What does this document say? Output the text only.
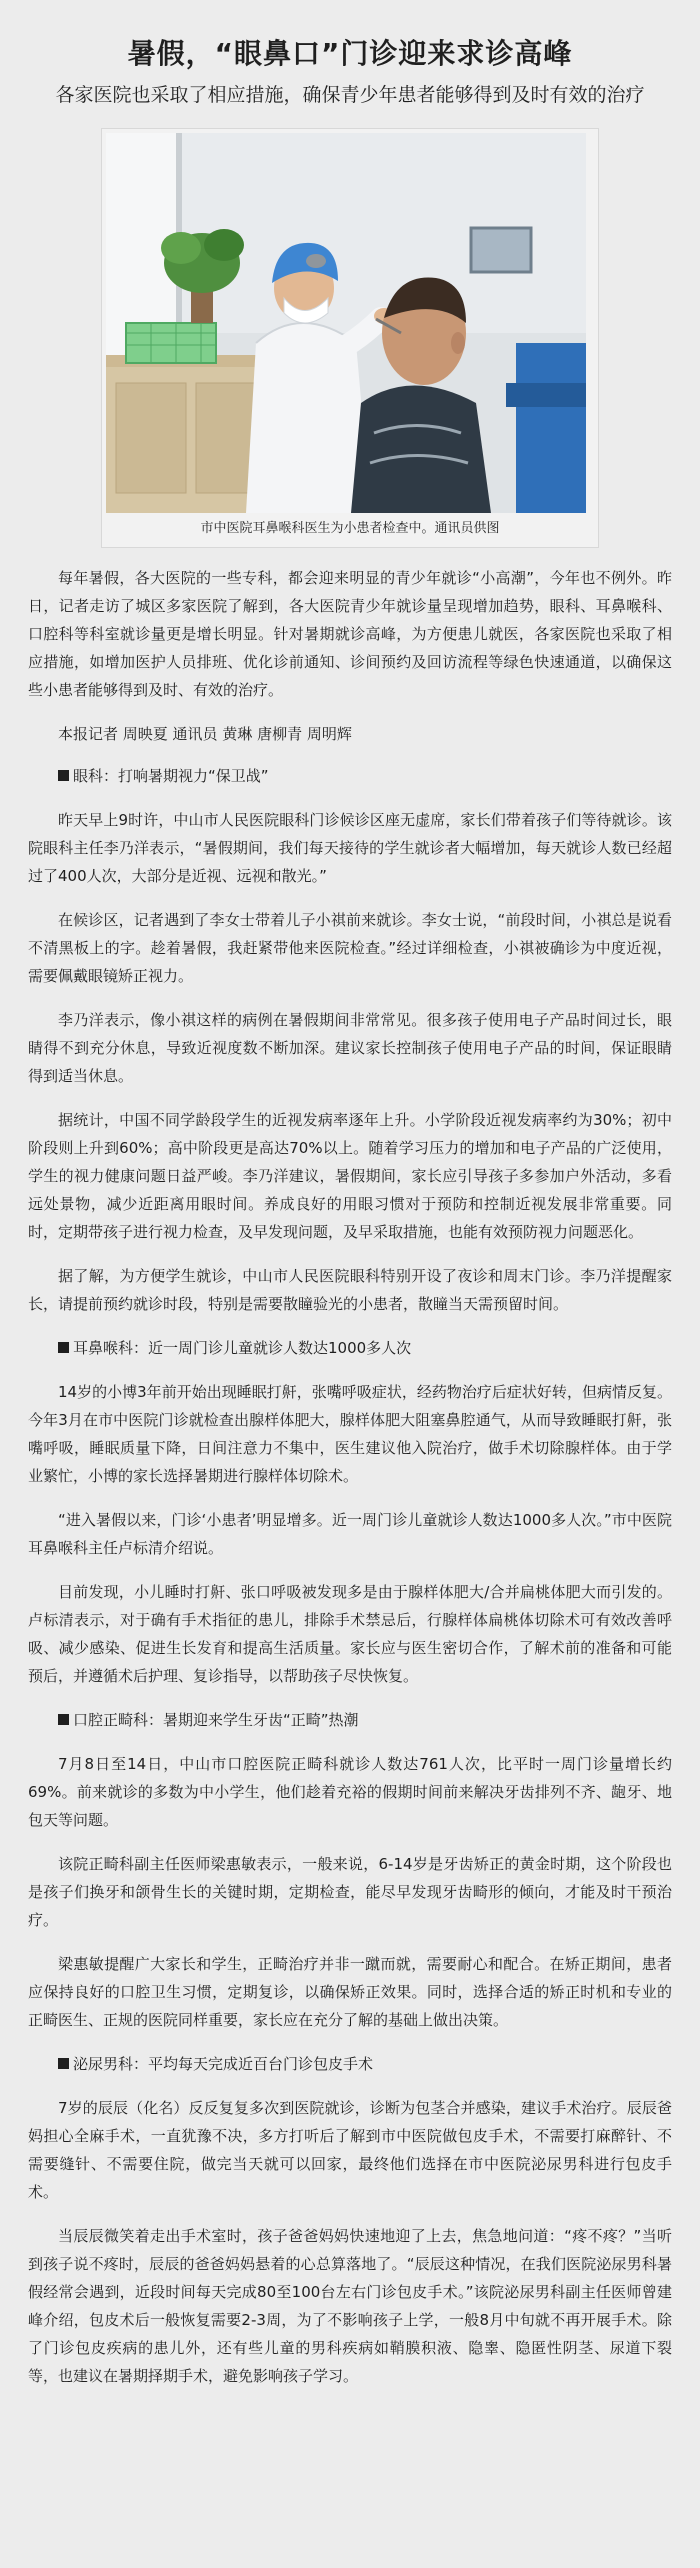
暑假，“眼鼻口”门诊迎来求诊高峰
各家医院也采取了相应措施，确保青少年患者能够得到及时有效的治疗
市中医院耳鼻喉科医生为小患者检查中。通讯员供图

每年暑假，各大医院的一些专科，都会迎来明显的青少年就诊“小高潮”，今年也不例外。昨日，记者走访了城区多家医院了解到，各大医院青少年就诊量呈现增加趋势，眼科、耳鼻喉科、口腔科等科室就诊量更是增长明显。针对暑期就诊高峰，为方便患儿就医，各家医院也采取了相应措施，如增加医护人员排班、优化诊前通知、诊间预约及回访流程等绿色快速通道，以确保这些小患者能够得到及时、有效的治疗。

本报记者 周映夏 通讯员 黄琳 唐柳青 周明辉

眼科：打响暑期视力“保卫战”

昨天早上9时许，中山市人民医院眼科门诊候诊区座无虚席，家长们带着孩子们等待就诊。该院眼科主任李乃洋表示，“暑假期间，我们每天接待的学生就诊者大幅增加，每天就诊人数已经超过了400人次，大部分是近视、远视和散光。”

在候诊区，记者遇到了李女士带着儿子小祺前来就诊。李女士说，“前段时间，小祺总是说看不清黑板上的字。趁着暑假，我赶紧带他来医院检查。”经过详细检查，小祺被确诊为中度近视，需要佩戴眼镜矫正视力。

李乃洋表示，像小祺这样的病例在暑假期间非常常见。很多孩子使用电子产品时间过长，眼睛得不到充分休息，导致近视度数不断加深。建议家长控制孩子使用电子产品的时间，保证眼睛得到适当休息。

据统计，中国不同学龄段学生的近视发病率逐年上升。小学阶段近视发病率约为30%；初中阶段则上升到60%；高中阶段更是高达70%以上。随着学习压力的增加和电子产品的广泛使用，学生的视力健康问题日益严峻。李乃洋建议，暑假期间，家长应引导孩子多参加户外活动，多看远处景物，减少近距离用眼时间。养成良好的用眼习惯对于预防和控制近视发展非常重要。同时，定期带孩子进行视力检查，及早发现问题，及早采取措施，也能有效预防视力问题恶化。

据了解，为方便学生就诊，中山市人民医院眼科特别开设了夜诊和周末门诊。李乃洋提醒家长，请提前预约就诊时段，特别是需要散瞳验光的小患者，散瞳当天需预留时间。

耳鼻喉科：近一周门诊儿童就诊人数达1000多人次

14岁的小博3年前开始出现睡眠打鼾，张嘴呼吸症状，经药物治疗后症状好转，但病情反复。今年3月在市中医院门诊就检查出腺样体肥大，腺样体肥大阻塞鼻腔通气，从而导致睡眠打鼾，张嘴呼吸，睡眠质量下降，日间注意力不集中，医生建议他入院治疗，做手术切除腺样体。由于学业繁忙，小博的家长选择暑期进行腺样体切除术。

“进入暑假以来，门诊‘小患者’明显增多。近一周门诊儿童就诊人数达1000多人次。”市中医院耳鼻喉科主任卢标清介绍说。

目前发现，小儿睡时打鼾、张口呼吸被发现多是由于腺样体肥大/合并扁桃体肥大而引发的。卢标清表示，对于确有手术指征的患儿，排除手术禁忌后，行腺样体扁桃体切除术可有效改善呼吸、减少感染、促进生长发育和提高生活质量。家长应与医生密切合作，了解术前的准备和可能预后，并遵循术后护理、复诊指导，以帮助孩子尽快恢复。

口腔正畸科：暑期迎来学生牙齿“正畸”热潮

7月8日至14日，中山市口腔医院正畸科就诊人数达761人次，比平时一周门诊量增长约69%。前来就诊的多数为中小学生，他们趁着充裕的假期时间前来解决牙齿排列不齐、龅牙、地包天等问题。

该院正畸科副主任医师梁惠敏表示，一般来说，6-14岁是牙齿矫正的黄金时期，这个阶段也是孩子们换牙和颌骨生长的关键时期，定期检查，能尽早发现牙齿畸形的倾向，才能及时干预治疗。

梁惠敏提醒广大家长和学生，正畸治疗并非一蹴而就，需要耐心和配合。在矫正期间，患者应保持良好的口腔卫生习惯，定期复诊，以确保矫正效果。同时，选择合适的矫正时机和专业的正畸医生、正规的医院同样重要，家长应在充分了解的基础上做出决策。

泌尿男科：平均每天完成近百台门诊包皮手术

7岁的辰辰（化名）反反复复多次到医院就诊，诊断为包茎合并感染，建议手术治疗。辰辰爸妈担心全麻手术，一直犹豫不决，多方打听后了解到市中医院做包皮手术，不需要打麻醉针、不需要缝针、不需要住院，做完当天就可以回家，最终他们选择在市中医院泌尿男科进行包皮手术。

当辰辰微笑着走出手术室时，孩子爸爸妈妈快速地迎了上去，焦急地问道：“疼不疼？”当听到孩子说不疼时，辰辰的爸爸妈妈悬着的心总算落地了。“辰辰这种情况，在我们医院泌尿男科暑假经常会遇到，近段时间每天完成80至100台左右门诊包皮手术。”该院泌尿男科副主任医师曾建峰介绍，包皮术后一般恢复需要2-3周，为了不影响孩子上学，一般8月中旬就不再开展手术。除了门诊包皮疾病的患儿外，还有些儿童的男科疾病如鞘膜积液、隐睾、隐匿性阴茎、尿道下裂等，也建议在暑期择期手术，避免影响孩子学习。
